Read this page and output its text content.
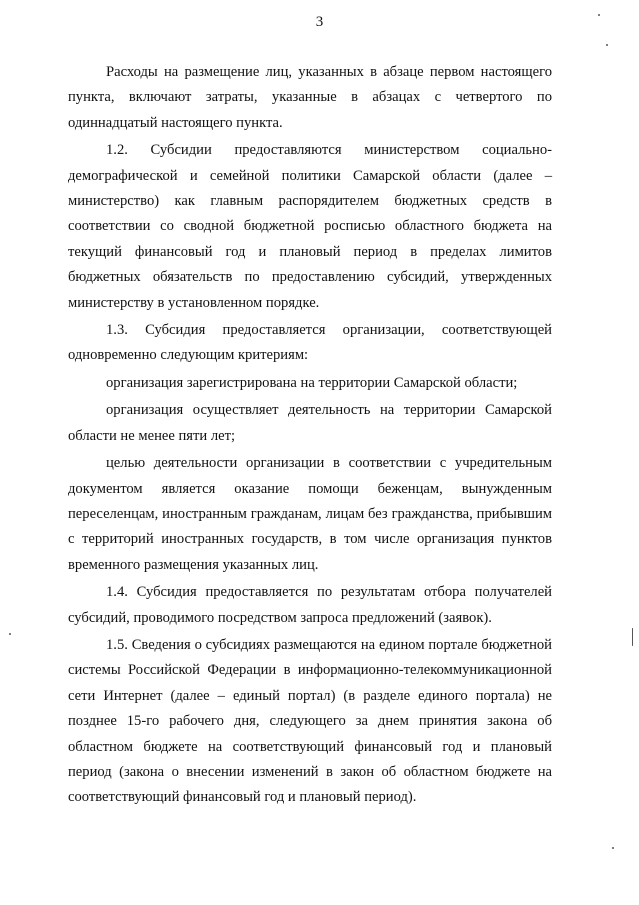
3

Расходы на размещение лиц, указанных в абзаце первом настоящего пункта, включают затраты, указанные в абзацах с четвертого по одиннадцатый настоящего пункта.

1.2. Субсидии предоставляются министерством социально-демографической и семейной политики Самарской области (далее – министерство) как главным распорядителем бюджетных средств в соответствии со сводной бюджетной росписью областного бюджета на текущий финансовый год и плановый период в пределах лимитов бюджетных обязательств по предоставлению субсидий, утвержденных министерству в установленном порядке.

1.3. Субсидия предоставляется организации, соответствующей одновременно следующим критериям:

организация зарегистрирована на территории Самарской области;

организация осуществляет деятельность на территории Самарской области не менее пяти лет;

целью деятельности организации в соответствии с учредительным документом является оказание помощи беженцам, вынужденным переселенцам, иностранным гражданам, лицам без гражданства, прибывшим с территорий иностранных государств, в том числе организация пунктов временного размещения указанных лиц.

1.4. Субсидия предоставляется по результатам отбора получателей субсидий, проводимого посредством запроса предложений (заявок).

1.5. Сведения о субсидиях размещаются на едином портале бюджетной системы Российской Федерации в информационно-телекоммуникационной сети Интернет (далее – единый портал) (в разделе единого портала) не позднее 15-го рабочего дня, следующего за днем принятия закона об областном бюджете на соответствующий финансовый год и плановый период (закона о внесении изменений в закон об областном бюджете на соответствующий финансовый год и плановый период).
